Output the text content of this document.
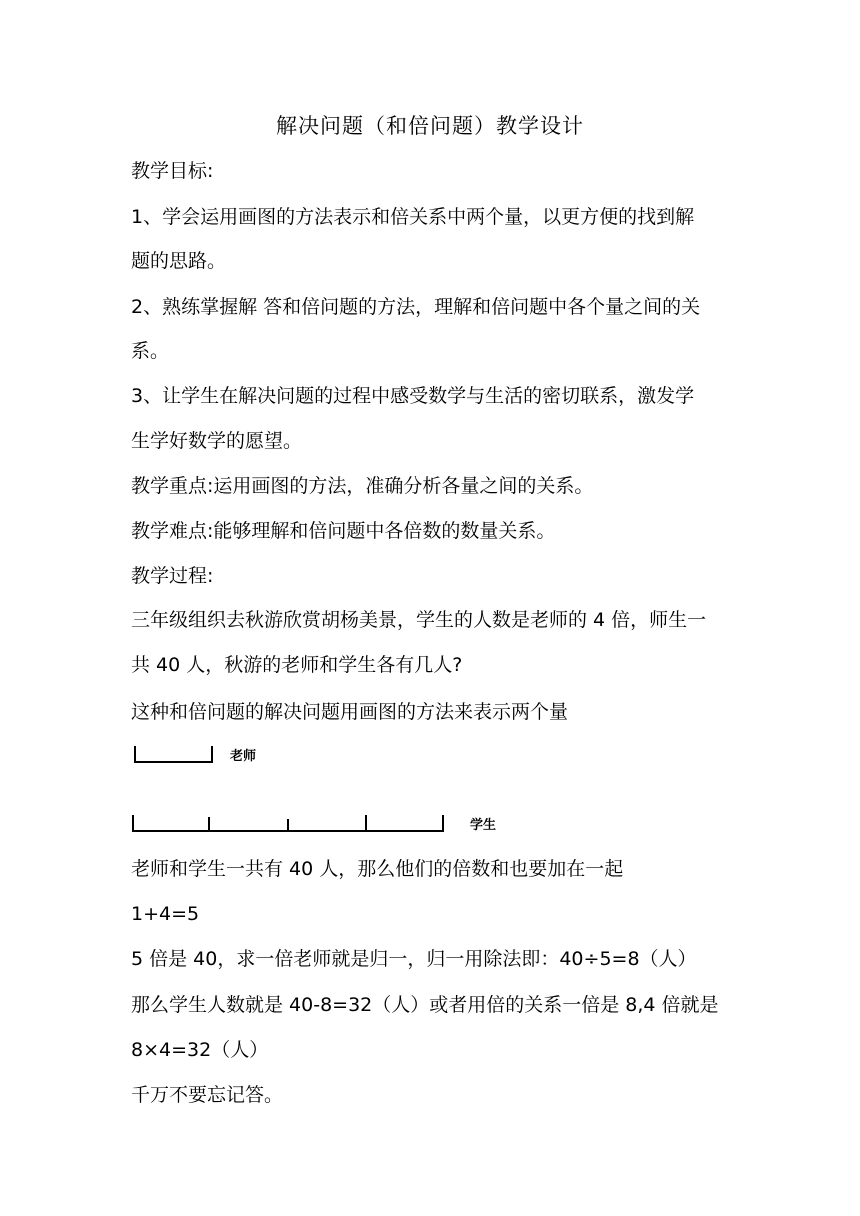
解决问题（和倍问题）教学设计
教学目标:
1、学会运用画图的方法表示和倍关系中两个量，以更方便的找到解
题的思路。
2、熟练掌握解 答和倍问题的方法，理解和倍问题中各个量之间的关
系。
3、让学生在解决问题的过程中感受数学与生活的密切联系，激发学
生学好数学的愿望。
教学重点:运用画图的方法，准确分析各量之间的关系。
教学难点:能够理解和倍问题中各倍数的数量关系。
教学过程:
三年级组织去秋游欣赏胡杨美景，学生的人数是老师的 4 倍，师生一
共 40 人，秋游的老师和学生各有几人?
这种和倍问题的解决问题用画图的方法来表示两个量
老师
学生
老师和学生一共有 40 人，那么他们的倍数和也要加在一起
1+4=5
5 倍是 40，求一倍老师就是归一，归一用除法即：40÷5=8（人）
那么学生人数就是 40-8=32（人）或者用倍的关系一倍是 8,4 倍就是
8×4=32（人）
千万不要忘记答。
